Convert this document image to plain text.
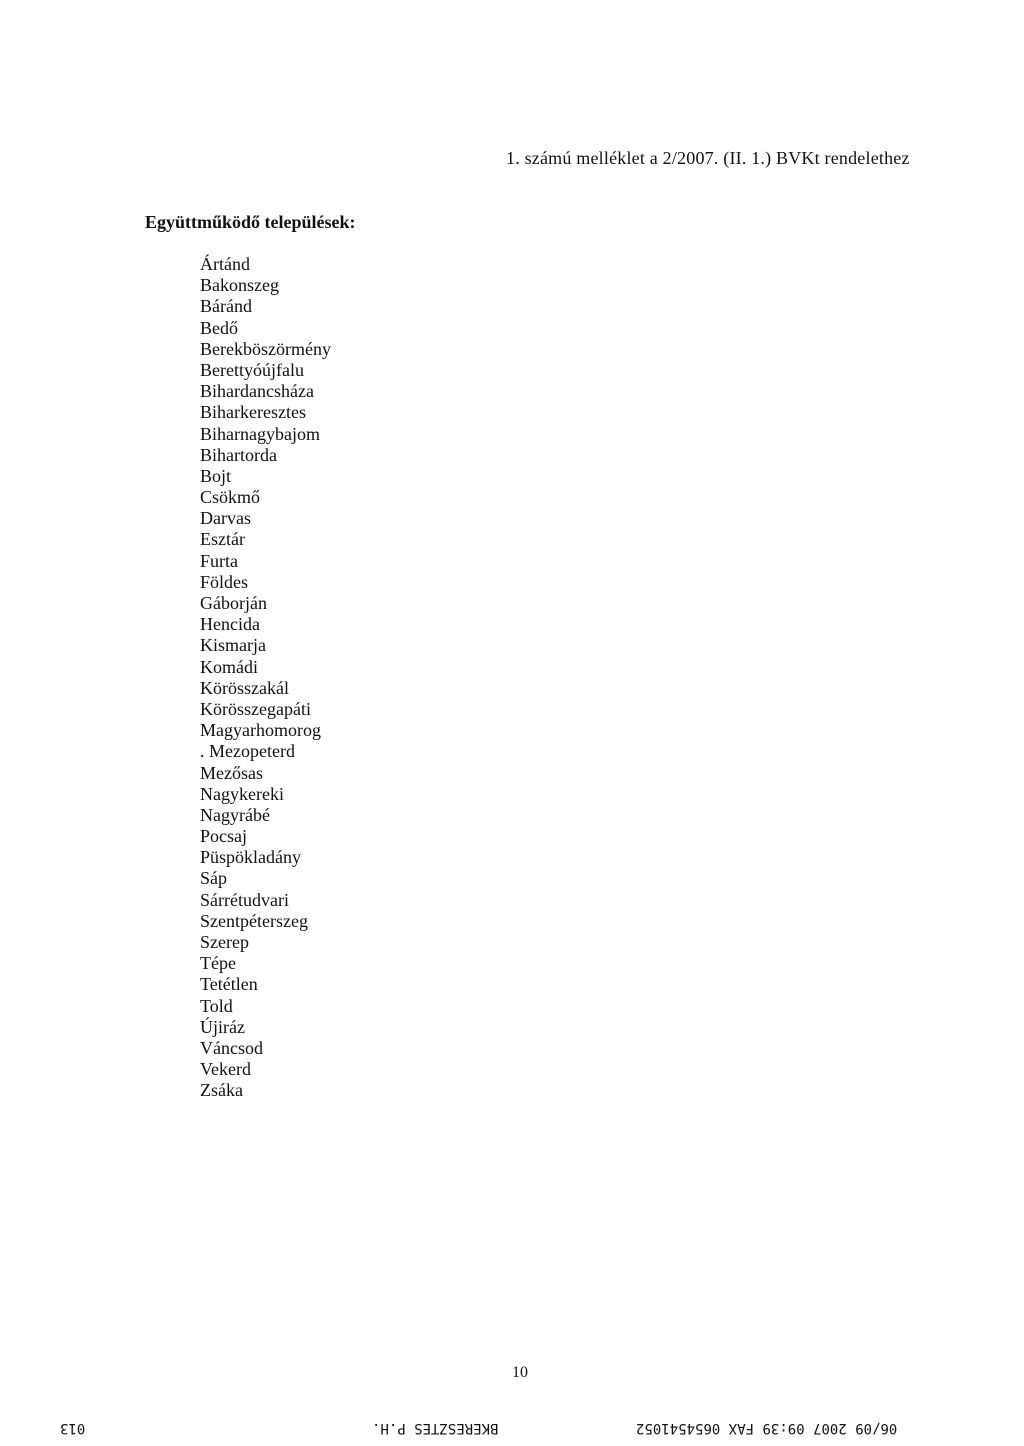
1. számú melléklet a 2/2007. (II. 1.) BVKt rendelethez
Együttműködő települések:
Ártánd
Bakonszeg
Báránd
Bedő
Berekböszörmény
Berettyóújfalu
Bihardancsháza
Biharkeresztes
Biharnagybajom
Bihartorda
Bojt
Csökmő
Darvas
Esztár
Furta
Földes
Gáborján
Hencida
Kismarja
Komádi
Körösszakál
Körösszegapáti
Magyarhomorog
. Mezopeterd
Mezősas
Nagykereki
Nagyrábé
Pocsaj
Püspökladány
Sáp
Sárrétudvari
Szentpéterszeg
Szerep
Tépe
Tetétlen
Told
Újiráz
Váncsod
Vekerd
Zsáka
10
013	BKERESZTES P.H.	06/09 2007 09:39 FAX 0654541052
